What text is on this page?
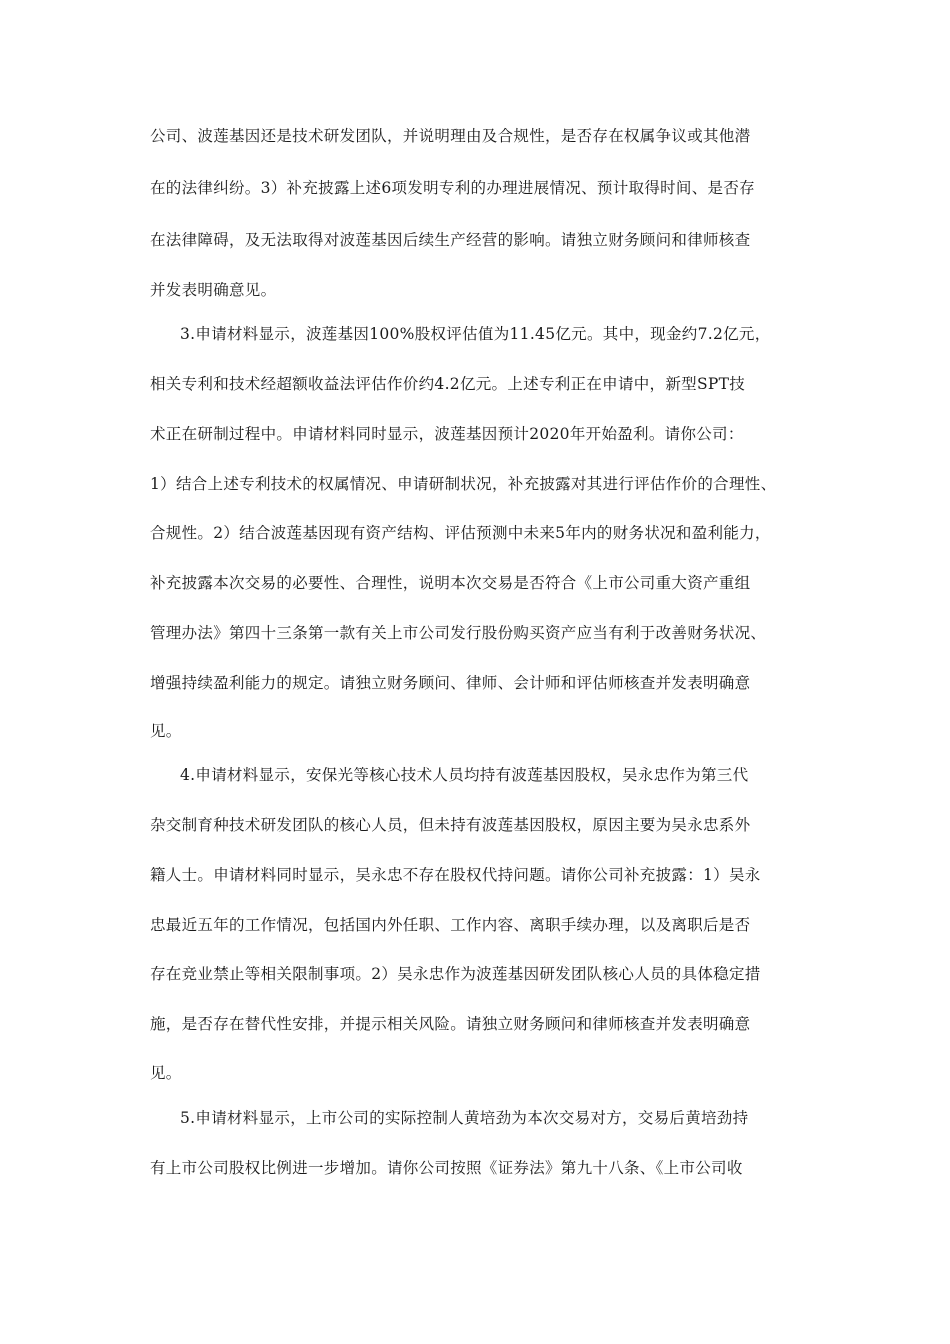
公司、波莲基因还是技术研发团队，并说明理由及合规性，是否存在权属争议或其他潜
在的法律纠纷。3）补充披露上述6项发明专利的办理进展情况、预计取得时间、是否存
在法律障碍，及无法取得对波莲基因后续生产经营的影响。请独立财务顾问和律师核查
并发表明确意见。
3.申请材料显示，波莲基因100%股权评估值为11.45亿元。其中，现金约7.2亿元，
相关专利和技术经超额收益法评估作价约4.2亿元。上述专利正在申请中，新型SPT技
术正在研制过程中。申请材料同时显示，波莲基因预计2020年开始盈利。请你公司：
1）结合上述专利技术的权属情况、申请研制状况，补充披露对其进行评估作价的合理性、
合规性。2）结合波莲基因现有资产结构、评估预测中未来5年内的财务状况和盈利能力，
补充披露本次交易的必要性、合理性，说明本次交易是否符合《上市公司重大资产重组
管理办法》第四十三条第一款有关上市公司发行股份购买资产应当有利于改善财务状况、
增强持续盈利能力的规定。请独立财务顾问、律师、会计师和评估师核查并发表明确意
见。
4.申请材料显示，安保光等核心技术人员均持有波莲基因股权，吴永忠作为第三代
杂交制育种技术研发团队的核心人员，但未持有波莲基因股权，原因主要为吴永忠系外
籍人士。申请材料同时显示，吴永忠不存在股权代持问题。请你公司补充披露：1）吴永
忠最近五年的工作情况，包括国内外任职、工作内容、离职手续办理，以及离职后是否
存在竞业禁止等相关限制事项。2）吴永忠作为波莲基因研发团队核心人员的具体稳定措
施，是否存在替代性安排，并提示相关风险。请独立财务顾问和律师核查并发表明确意
见。
5.申请材料显示，上市公司的实际控制人黄培劲为本次交易对方，交易后黄培劲持
有上市公司股权比例进一步增加。请你公司按照《证券法》第九十八条、《上市公司收
